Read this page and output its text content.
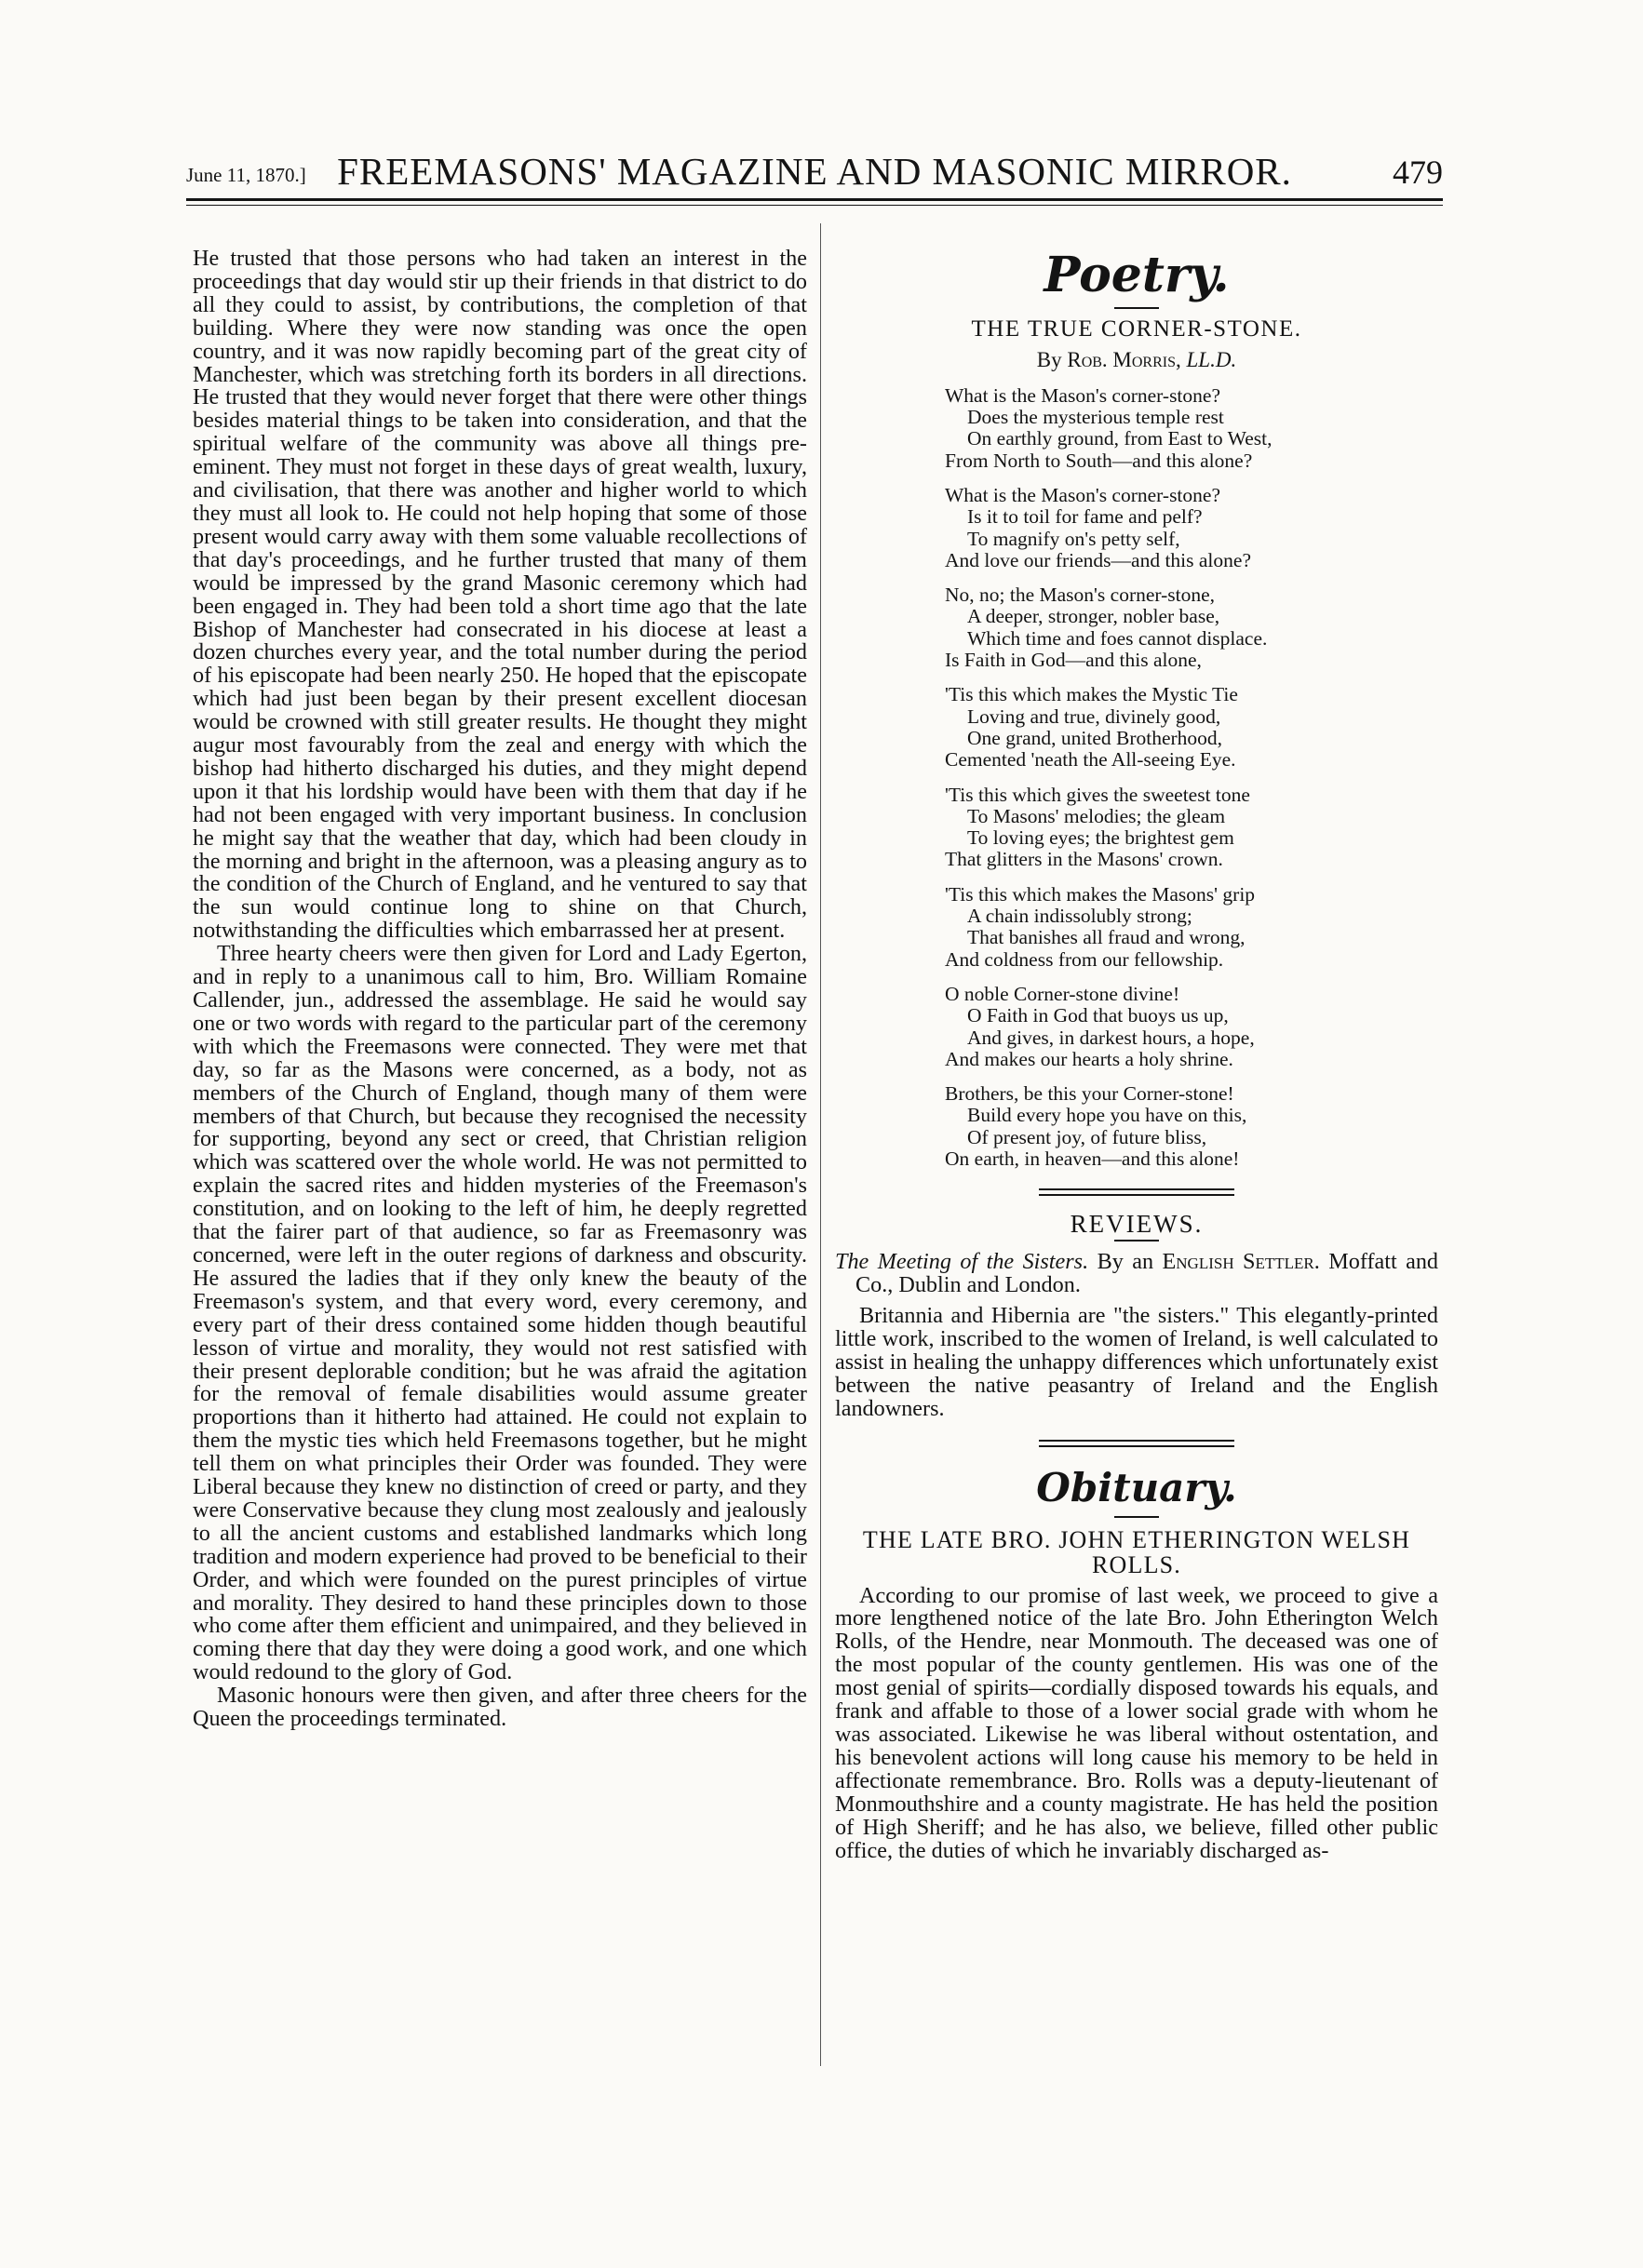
June 11, 1870.] FREEMASONS' MAGAZINE AND MASONIC MIRROR.	479

He trusted that those persons who had taken an interest in the proceedings that day would stir up their friends in that district to do all they could to assist, by contributions, the completion of that building. Where they were now standing was once the open country, and it was now rapidly becoming part of the great city of Manchester, which was stretching forth its borders in all directions. He trusted that they would never forget that there were other things besides material things to be taken into consideration, and that the spiritual welfare of the community was above all things pre-eminent. They must not forget in these days of great wealth, luxury, and civilisation, that there was another and higher world to which they must all look to. He could not help hoping that some of those present would carry away with them some valuable recollections of that day's proceedings, and he further trusted that many of them would be impressed by the grand Masonic ceremony which had been engaged in. They had been told a short time ago that the late Bishop of Manchester had consecrated in his diocese at least a dozen churches every year, and the total number during the period of his episcopate had been nearly 250. He hoped that the episcopate which had just been began by their present excellent diocesan would be crowned with still greater results. He thought they might augur most favourably from the zeal and energy with which the bishop had hitherto discharged his duties, and they might depend upon it that his lordship would have been with them that day if he had not been engaged with very important business. In conclusion he might say that the weather that day, which had been cloudy in the morning and bright in the afternoon, was a pleasing angury as to the condition of the Church of England, and he ventured to say that the sun would continue long to shine on that Church, notwithstanding the difficulties which embarrassed her at present.

Three hearty cheers were then given for Lord and Lady Egerton, and in reply to a unanimous call to him, Bro. William Romaine Callender, jun., addressed the assemblage. He said he would say one or two words with regard to the particular part of the ceremony with which the Freemasons were connected. They were met that day, so far as the Masons were concerned, as a body, not as members of the Church of England, though many of them were members of that Church, but because they recognised the necessity for supporting, beyond any sect or creed, that Christian religion which was scattered over the whole world. He was not permitted to explain the sacred rites and hidden mysteries of the Freemason's constitution, and on looking to the left of him, he deeply regretted that the fairer part of that audience, so far as Freemasonry was concerned, were left in the outer regions of darkness and obscurity. He assured the ladies that if they only knew the beauty of the Freemason's system, and that every word, every ceremony, and every part of their dress contained some hidden though beautiful lesson of virtue and morality, they would not rest satisfied with their present deplorable condition; but he was afraid the agitation for the removal of female disabilities would assume greater proportions than it hitherto had attained. He could not explain to them the mystic ties which held Freemasons together, but he might tell them on what principles their Order was founded. They were Liberal because they knew no distinction of creed or party, and they were Conservative because they clung most zealously and jealously to all the ancient customs and established landmarks which long tradition and modern experience had proved to be beneficial to their Order, and which were founded on the purest principles of virtue and morality. They desired to hand these principles down to those who come after them efficient and unimpaired, and they believed in coming there that day they were doing a good work, and one which would redound to the glory of God.

Masonic honours were then given, and after three cheers for the Queen the proceedings terminated.

Poetry.
THE TRUE CORNER-STONE.
By Rob. Morris, LL.D.
What is the Mason's corner-stone?
Does the mysterious temple rest
On earthly ground, from East to West,
From North to South—and this alone?
What is the Mason's corner-stone?
Is it to toil for fame and pelf?
To magnify on's petty self,
And love our friends—and this alone?
No, no; the Mason's corner-stone,
A deeper, stronger, nobler base,
Which time and foes cannot displace.
Is Faith in God—and this alone,
'Tis this which makes the Mystic Tie
Loving and true, divinely good,
One grand, united Brotherhood,
Cemented 'neath the All-seeing Eye.
'Tis this which gives the sweetest tone
To Masons' melodies; the gleam
To loving eyes; the brightest gem
That glitters in the Masons' crown.
'Tis this which makes the Masons' grip
A chain indissolubly strong;
That banishes all fraud and wrong,
And coldness from our fellowship.
O noble Corner-stone divine!
O Faith in God that buoys us up,
And gives, in darkest hours, a hope,
And makes our hearts a holy shrine.
Brothers, be this your Corner-stone!
Build every hope you have on this,
Of present joy, of future bliss,
On earth, in heaven—and this alone!
REVIEWS.

The Meeting of the Sisters. By an English Settler. Moffatt and Co., Dublin and London.

Britannia and Hibernia are "the sisters." This elegantly-printed little work, inscribed to the women of Ireland, is well calculated to assist in healing the unhappy differences which unfortunately exist between the native peasantry of Ireland and the English landowners.

Obituary.
THE LATE BRO. JOHN ETHERINGTON WELSH ROLLS.

According to our promise of last week, we proceed to give a more lengthened notice of the late Bro. John Etherington Welch Rolls, of the Hendre, near Monmouth. The deceased was one of the most popular of the county gentlemen. His was one of the most genial of spirits—cordially disposed towards his equals, and frank and affable to those of a lower social grade with whom he was associated. Likewise he was liberal without ostentation, and his benevolent actions will long cause his memory to be held in affectionate remembrance. Bro. Rolls was a deputy-lieutenant of Monmouthshire and a county magistrate. He has held the position of High Sheriff; and he has also, we believe, filled other public office, the duties of which he invariably discharged as-
